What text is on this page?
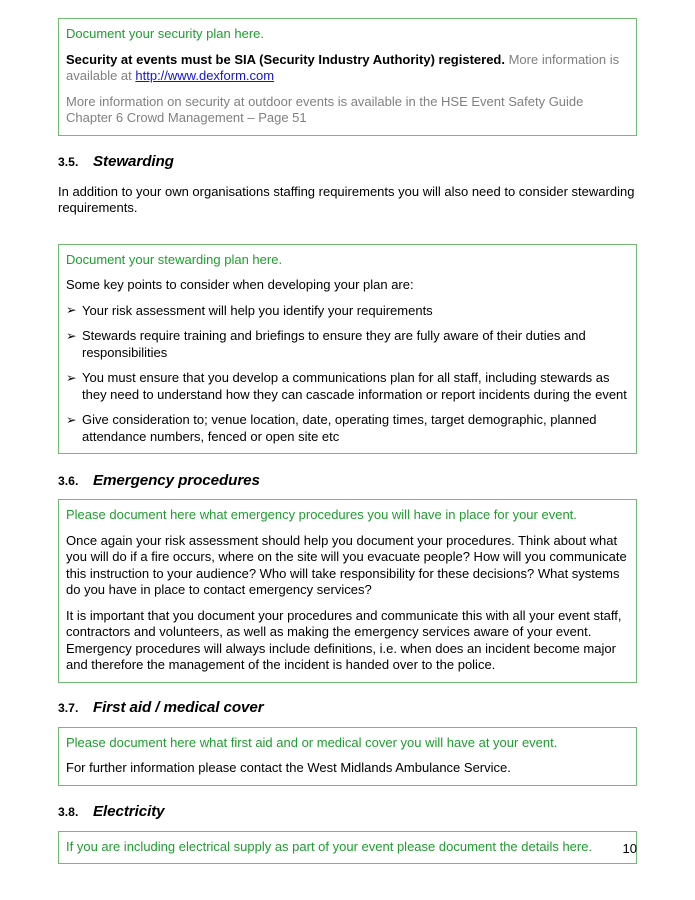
Document your security plan here.

Security at events must be SIA (Security Industry Authority) registered. More information is available at http://www.dexform.com

More information on security at outdoor events is available in the HSE Event Safety Guide Chapter 6 Crowd Management – Page 51

3.5. Stewarding

In addition to your own organisations staffing requirements you will also need to consider stewarding requirements.

Document your stewarding plan here.

Some key points to consider when developing your plan are:

➢ Your risk assessment will help you identify your requirements
➢ Stewards require training and briefings to ensure they are fully aware of their duties and responsibilities
➢ You must ensure that you develop a communications plan for all staff, including stewards as they need to understand how they can cascade information or report incidents during the event
➢ Give consideration to; venue location, date, operating times, target demographic, planned attendance numbers, fenced or open site etc
3.6. Emergency procedures

Please document here what emergency procedures you will have in place for your event.

Once again your risk assessment should help you document your procedures. Think about what you will do if a fire occurs, where on the site will you evacuate people? How will you communicate this instruction to your audience? Who will take responsibility for these decisions? What systems do you have in place to contact emergency services?

It is important that you document your procedures and communicate this with all your event staff, contractors and volunteers, as well as making the emergency services aware of your event. Emergency procedures will always include definitions, i.e. when does an incident become major and therefore the management of the incident is handed over to the police.

3.7. First aid / medical cover

Please document here what first aid and or medical cover you will have at your event.

For further information please contact the West Midlands Ambulance Service.

3.8. Electricity

If you are including electrical supply as part of your event please document the details here.	10
